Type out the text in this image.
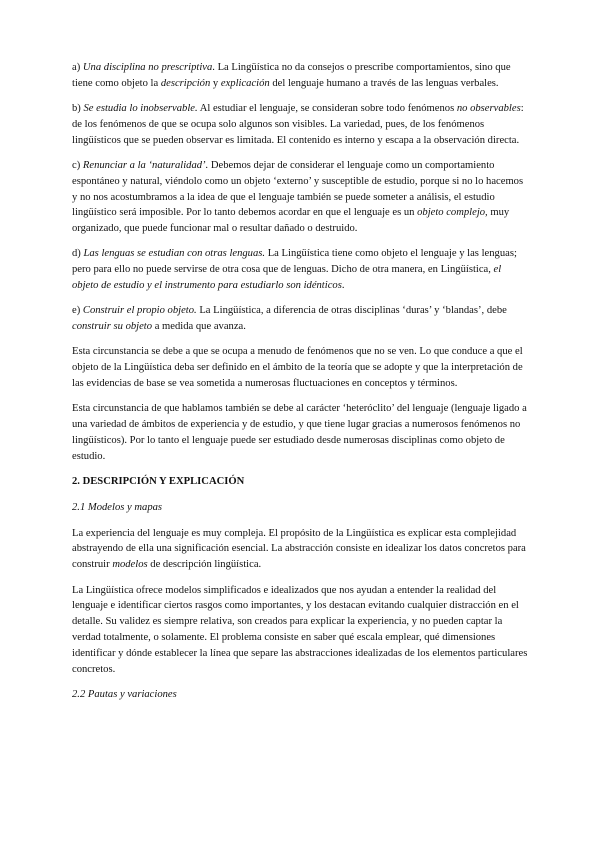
a) Una disciplina no prescriptiva. La Lingüística no da consejos o prescribe comportamientos, sino que tiene como objeto la descripción y explicación del lenguaje humano a través de las lenguas verbales.

b) Se estudia lo inobservable. Al estudiar el lenguaje, se consideran sobre todo fenómenos no observables: de los fenómenos de que se ocupa solo algunos son visibles. La variedad, pues, de los fenómenos lingüísticos que se pueden observar es limitada. El contenido es interno y escapa a la observación directa.

c) Renunciar a la ‘naturalidad’. Debemos dejar de considerar el lenguaje como un comportamiento espontáneo y natural, viéndolo como un objeto ‘externo’ y susceptible de estudio, porque si no lo hacemos y no nos acostumbramos a la idea de que el lenguaje también se puede someter a análisis, el estudio lingüístico será imposible. Por lo tanto debemos acordar en que el lenguaje es un objeto complejo, muy organizado, que puede funcionar mal o resultar dañado o destruido.

d) Las lenguas se estudian con otras lenguas. La Lingüística tiene como objeto el lenguaje y las lenguas; pero para ello no puede servirse de otra cosa que de lenguas. Dicho de otra manera, en Lingüística, el objeto de estudio y el instrumento para estudiarlo son idénticos.

e) Construir el propio objeto. La Lingüística, a diferencia de otras disciplinas ‘duras’ y ‘blandas’, debe construir su objeto a medida que avanza.

Esta circunstancia se debe a que se ocupa a menudo de fenómenos que no se ven. Lo que conduce a que el objeto de la Lingüística deba ser definido en el ámbito de la teoría que se adopte y que la interpretación de las evidencias de base se vea sometida a numerosas fluctuaciones en conceptos y términos.

Esta circunstancia de que hablamos también se debe al carácter ‘heteróclito’ del lenguaje (lenguaje ligado a una variedad de ámbitos de experiencia y de estudio, y que tiene lugar gracias a numerosos fenómenos no lingüísticos). Por lo tanto el lenguaje puede ser estudiado desde numerosas disciplinas como objeto de estudio.

2. DESCRIPCIÓN Y EXPLICACIÓN

2.1 Modelos y mapas

La experiencia del lenguaje es muy compleja. El propósito de la Lingüística es explicar esta complejidad abstrayendo de ella una significación esencial. La abstracción consiste en idealizar los datos concretos para construir modelos de descripción lingüística.

La Lingüística ofrece modelos simplificados e idealizados que nos ayudan a entender la realidad del lenguaje e identificar ciertos rasgos como importantes, y los destacan evitando cualquier distracción en el detalle. Su validez es siempre relativa, son creados para explicar la experiencia, y no pueden captar la verdad totalmente, o solamente. El problema consiste en saber qué escala emplear, qué dimensiones identificar y dónde establecer la línea que separe las abstracciones idealizadas de los elementos particulares concretos.

2.2 Pautas y variaciones
